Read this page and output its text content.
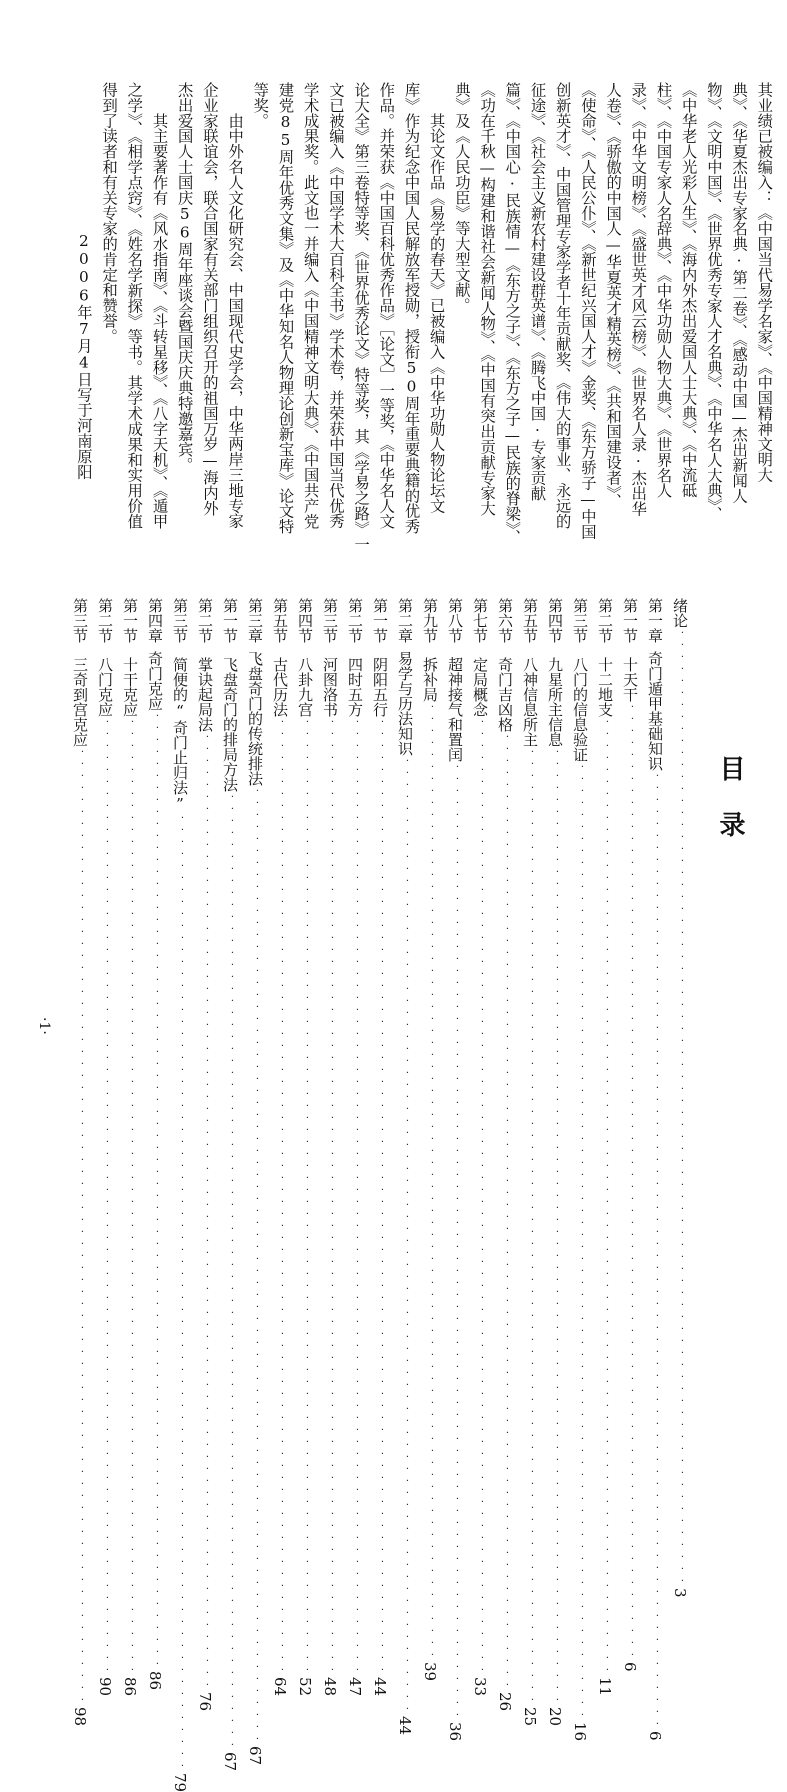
其业绩已被编入：《中国当代易学名家》、《中国精神文明大
典》、《华夏杰出专家名典·第二卷》、《感动中国—杰出新闻人
物》、《文明中国》、《世界优秀专家人才名典》、《中华名人大典》、
《中华老人光彩人生》、《海内外杰出爱国人士大典》、《中流砥
柱》、《中国专家人名辞典》、《中华功勋人物大典》、《世界名人
录》、《中华文明榜》、《盛世英才风云榜》、《世界名人录·杰出华
人卷》、《骄傲的中国人—华夏英才精英榜》、《共和国建设者》、
《使命》、《人民公仆》、《新世纪兴国人才》金奖、《东方骄子—中国
创新英才》、中国管理专家学者十年贡献奖、《伟大的事业、永远的
征途》、《社会主义新农村建设群英谱》、《腾飞中国·专家贡献
篇》、《中国心·民族情—《东方之子》、《东方之子—民族的脊梁》、
《功在千秋—构建和谐社会新闻人物》、《中国有突出贡献专家大
典》及《人民功臣》等大型文献。
　　其论文作品《易学的春天》已被编入《中华功勋人物论坛文
库》作为纪念中国人民解放军授勋，授衔50周年重要典籍的优秀
作品。并荣获《中国百科优秀作品》［论文］一等奖，《中华名人文
论大全》第三卷特等奖、《世界优秀论文》特等奖，其《学易之路》一
文已被编入《中国学术大百科全书》学术卷，并荣获中国当代优秀
学术成果奖。此文也一并编入《中国精神文明大典》、《中国共产党
建党85周年优秀文集》及《中华知名人物理论创新宝库》论文特
等奖。
　　由中外名人文化研究会、中国现代史学会，中华两岸三地专家
企业家联谊会，联合国家有关部门组织召开的祖国万岁—海内外
杰出爱国人士国庆56周年座谈会暨国庆庆典特邀嘉宾。
　　其主要著作有《风水指南》、《斗转星移》、《八字天机》、《遁甲
之学》、《相学点窍》、《姓名学新探》等书。其学术成果和实用价值
得到了读者和有关专家的肯定和赞誉。
2006年7月4日写于河南原阳
目录
绪论
················································································
3
第一章
奇门遁甲基础知识
················································································
6
第一节
十天干
················································································
6
第二节
十二地支
················································································
11
第三节
八门的信息验证
················································································
16
第四节
九星所主信息
················································································
20
第五节
八神信息所主
················································································
25
第六节
奇门吉凶格
················································································
26
第七节
定局概念
················································································
33
第八节
超神接气和置闰
················································································
36
第九节
拆补局
················································································
39
第二章
易学与历法知识
················································································
44
第一节
阴阳五行
················································································
44
第二节
四时五方
················································································
47
第三节
河图洛书
················································································
48
第四节
八卦九宫
················································································
52
第五节
古代历法
················································································
64
第三章
飞盘奇门的传统排法
················································································
67
第一节
飞盘奇门的排局方法
················································································
67
第二节
掌诀起局法
················································································
76
第三节
简便的“奇门止归法”
················································································
79
第四章
奇门克应
················································································
86
第一节
十干克应
················································································
86
第二节
八门克应
················································································
90
第三节
三奇到宫克应
················································································
98
·1·
